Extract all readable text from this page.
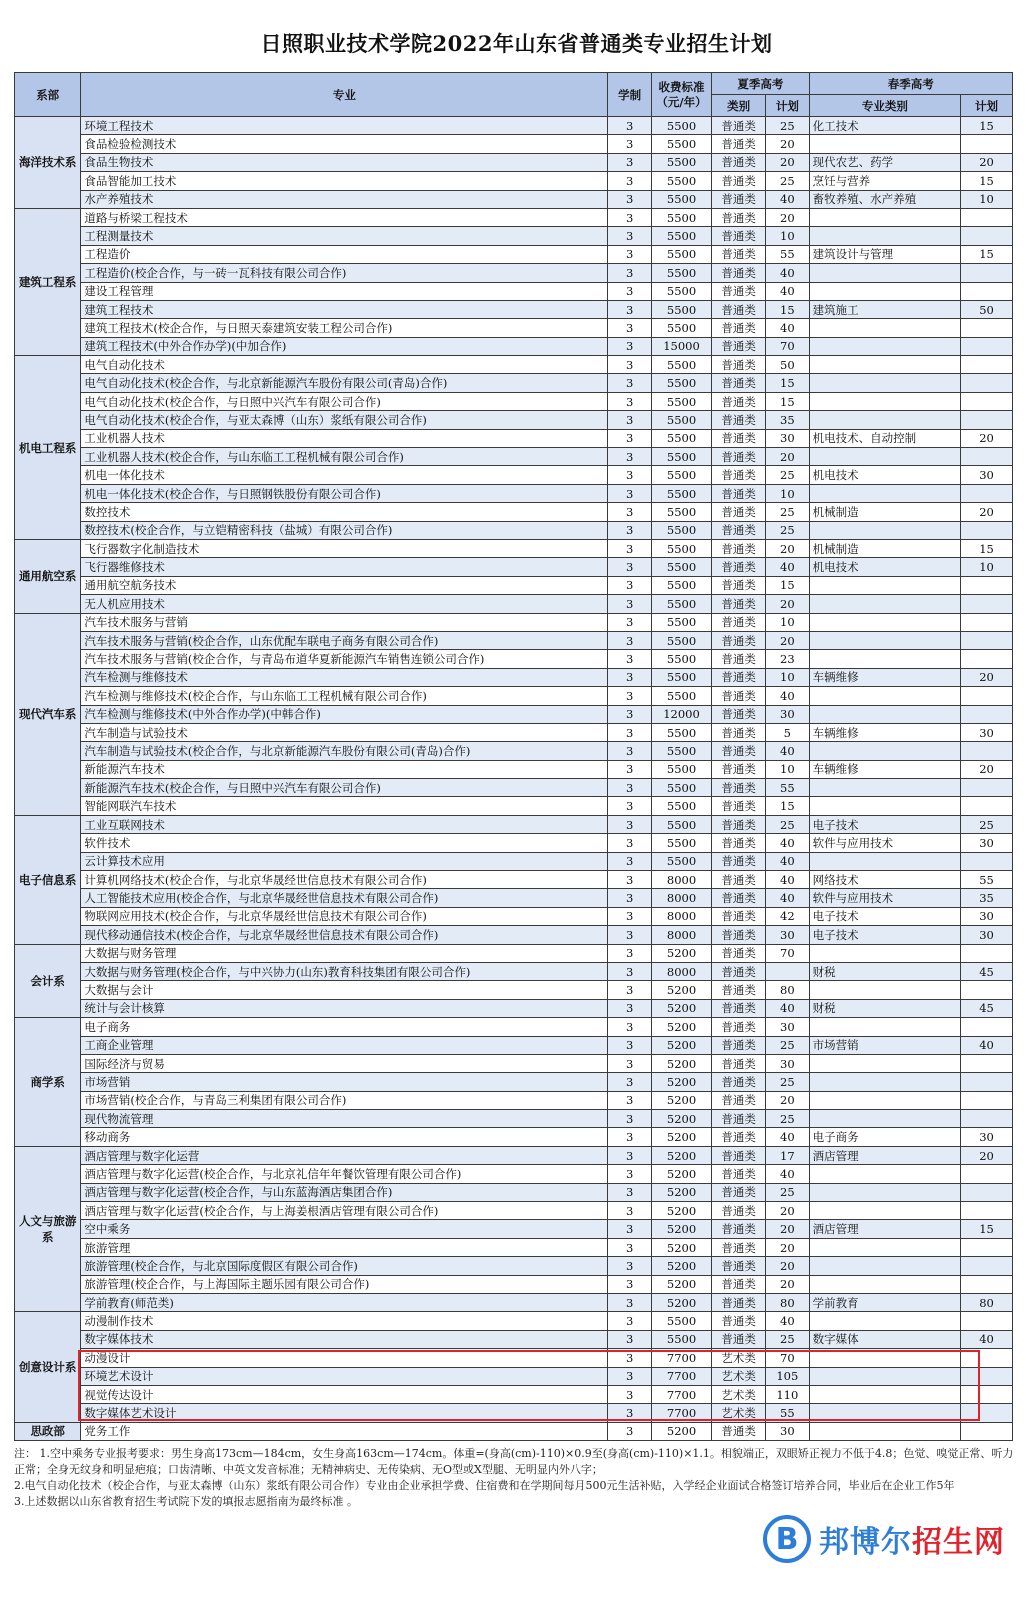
日照职业技术学院2022年山东省普通类专业招生计划
系部	专业	学制	收费标准（元/年）	夏季高考		春季高考	
				类别	计划	专业类别	计划
海洋技术系	环境工程技术	3	5500	普通类	25	化工技术	15
	食品检验检测技术	3	5500	普通类	20		
	食品生物技术	3	5500	普通类	20	现代农艺、药学	20
	食品智能加工技术	3	5500	普通类	25	烹饪与营养	15
	水产养殖技术	3	5500	普通类	40	畜牧养殖、水产养殖	10
建筑工程系	道路与桥梁工程技术	3	5500	普通类	20		
	工程测量技术	3	5500	普通类	10		
	工程造价	3	5500	普通类	55	建筑设计与管理	15
	工程造价(校企合作，与一砖一瓦科技有限公司合作)	3	5500	普通类	40		
	建设工程管理	3	5500	普通类	40		
	建筑工程技术	3	5500	普通类	15	建筑施工	50
	建筑工程技术(校企合作，与日照天泰建筑安装工程公司合作)	3	5500	普通类	40		
	建筑工程技术(中外合作办学)(中加合作)	3	15000	普通类	70		
机电工程系	电气自动化技术	3	5500	普通类	50		
	电气自动化技术(校企合作，与北京新能源汽车股份有限公司(青岛)合作)	3	5500	普通类	15		
	电气自动化技术(校企合作，与日照中兴汽车有限公司合作)	3	5500	普通类	15		
	电气自动化技术(校企合作，与亚太森博（山东）浆纸有限公司合作)	3	5500	普通类	35		
	工业机器人技术	3	5500	普通类	30	机电技术、自动控制	20
	工业机器人技术(校企合作，与山东临工工程机械有限公司合作)	3	5500	普通类	20		
	机电一体化技术	3	5500	普通类	25	机电技术	30
	机电一体化技术(校企合作，与日照钢铁股份有限公司合作)	3	5500	普通类	10		
	数控技术	3	5500	普通类	25	机械制造	20
	数控技术(校企合作，与立铠精密科技（盐城）有限公司合作)	3	5500	普通类	25		
通用航空系	飞行器数字化制造技术	3	5500	普通类	20	机械制造	15
	飞行器维修技术	3	5500	普通类	40	机电技术	10
	通用航空航务技术	3	5500	普通类	15		
	无人机应用技术	3	5500	普通类	20		
现代汽车系	汽车技术服务与营销	3	5500	普通类	10		
	汽车技术服务与营销(校企合作，山东优配车联电子商务有限公司合作)	3	5500	普通类	20		
	汽车技术服务与营销(校企合作，与青岛布道华夏新能源汽车销售连锁公司合作)	3	5500	普通类	23		
	汽车检测与维修技术	3	5500	普通类	10	车辆维修	20
	汽车检测与维修技术(校企合作，与山东临工工程机械有限公司合作)	3	5500	普通类	40		
	汽车检测与维修技术(中外合作办学)(中韩合作)	3	12000	普通类	30		
	汽车制造与试验技术	3	5500	普通类	5	车辆维修	30
	汽车制造与试验技术(校企合作，与北京新能源汽车股份有限公司(青岛)合作)	3	5500	普通类	40		
	新能源汽车技术	3	5500	普通类	10	车辆维修	20
	新能源汽车技术(校企合作，与日照中兴汽车有限公司合作)	3	5500	普通类	55		
	智能网联汽车技术	3	5500	普通类	15		
电子信息系	工业互联网技术	3	5500	普通类	25	电子技术	25
	软件技术	3	5500	普通类	40	软件与应用技术	30
	云计算技术应用	3	5500	普通类	40		
	计算机网络技术(校企合作，与北京华晟经世信息技术有限公司合作)	3	8000	普通类	40	网络技术	55
	人工智能技术应用(校企合作，与北京华晟经世信息技术有限公司合作)	3	8000	普通类	40	软件与应用技术	35
	物联网应用技术(校企合作，与北京华晟经世信息技术有限公司合作)	3	8000	普通类	42	电子技术	30
	现代移动通信技术(校企合作，与北京华晟经世信息技术有限公司合作)	3	8000	普通类	30	电子技术	30
会计系	大数据与财务管理	3	5200	普通类	70		
	大数据与财务管理(校企合作，与中兴协力(山东)教育科技集团有限公司合作)	3	8000	普通类		财税	45
	大数据与会计	3	5200	普通类	80		
	统计与会计核算	3	5200	普通类	40	财税	45
商学系	电子商务	3	5200	普通类	30		
	工商企业管理	3	5200	普通类	25	市场营销	40
	国际经济与贸易	3	5200	普通类	30		
	市场营销	3	5200	普通类	25		
	市场营销(校企合作，与青岛三利集团有限公司合作)	3	5200	普通类	20		
	现代物流管理	3	5200	普通类	25		
	移动商务	3	5200	普通类	40	电子商务	30
人文与旅游系	酒店管理与数字化运营	3	5200	普通类	17	酒店管理	20
	酒店管理与数字化运营(校企合作，与北京礼信年年餐饮管理有限公司合作)	3	5200	普通类	40		
	酒店管理与数字化运营(校企合作，与山东蓝海酒店集团合作)	3	5200	普通类	25		
	酒店管理与数字化运营(校企合作，与上海姜根酒店管理有限公司合作)	3	5200	普通类	20		
	空中乘务	3	5200	普通类	20	酒店管理	15
	旅游管理	3	5200	普通类	20		
	旅游管理(校企合作，与北京国际度假区有限公司合作)	3	5200	普通类	20		
	旅游管理(校企合作，与上海国际主题乐园有限公司合作)	3	5200	普通类	20		
	学前教育(师范类)	3	5200	普通类	80	学前教育	80
创意设计系	动漫制作技术	3	5500	普通类	40		
	数字媒体技术	3	5500	普通类	25	数字媒体	40
	动漫设计	3	7700	艺术类	70		
	环境艺术设计	3	7700	艺术类	105		
	视觉传达设计	3	7700	艺术类	110		
	数字媒体艺术设计	3	7700	艺术类	55		
思政部	党务工作	3	5200	普通类	30		

注： 1.空中乘务专业报考要求：男生身高173cm—184cm，女生身高163cm—174cm。体重=(身高(cm)-110)×0.9至(身高(cm)-110)×1.1。相貌端正，双眼矫正视力不低于4.8；色觉、嗅觉正常、听力正常；全身无纹身和明显疤痕；口齿清晰、中英文发音标准；无精神病史、无传染病、无O型或X型腿、无明显内外八字；

2.电气自动化技术（校企合作，与亚太森博（山东）浆纸有限公司合作）专业由企业承担学费、住宿费和在学期间每月500元生活补贴，入学经企业面试合格签订培养合同，毕业后在企业工作5年

3.上述数据以山东省教育招生考试院下发的填报志愿指南为最终标准 。

B 邦博尔招生网
